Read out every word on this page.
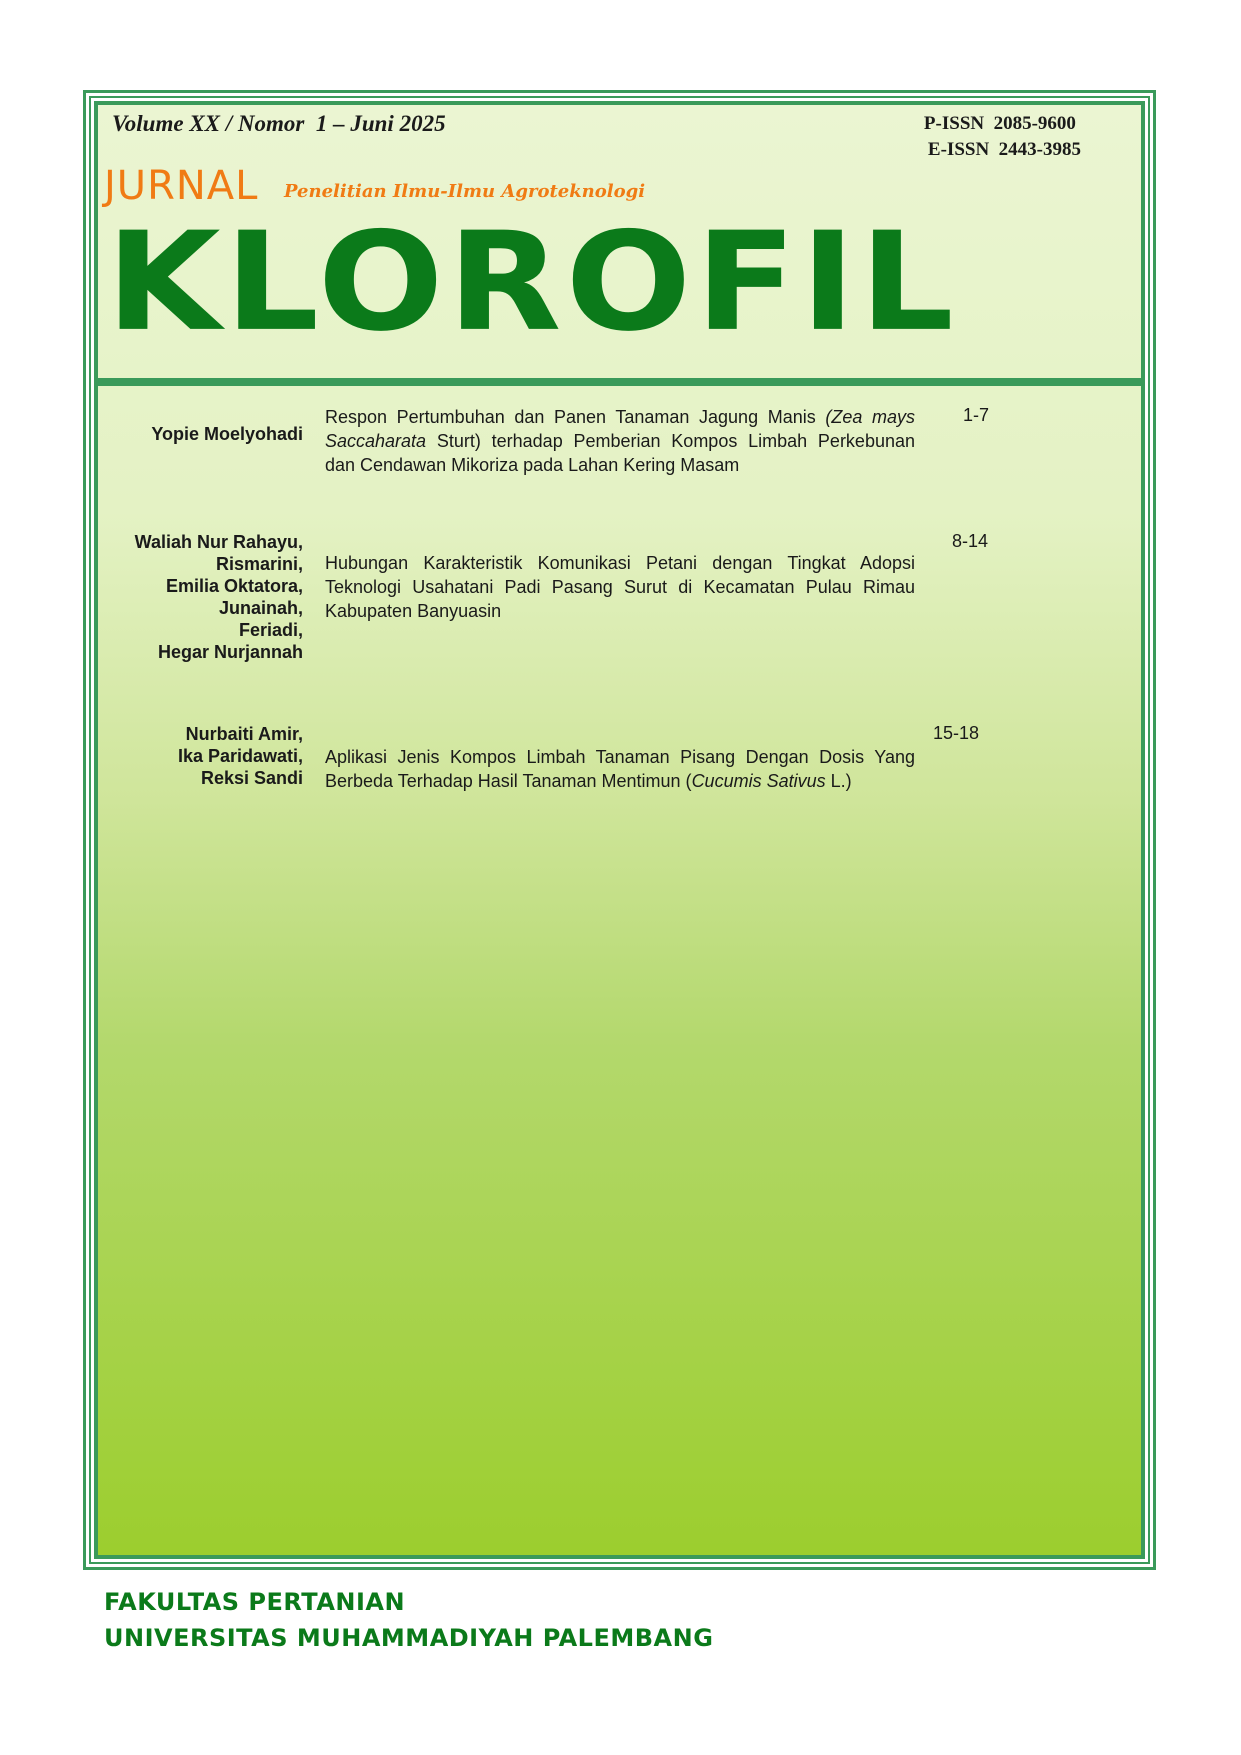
Volume XX / Nomor  1 – Juni 2025	P-ISSN  2085-9600
E-ISSN  2443-3985
JURNAL Penelitian Ilmu-Ilmu Agroteknologi
KLOROFIL
Yopie Moelyohadi
Respon Pertumbuhan dan Panen Tanaman Jagung Manis (Zea mays Saccaharata Sturt) terhadap Pemberian Kompos Limbah Perkebunan dan Cendawan Mikoriza pada Lahan Kering Masam
1-7
Waliah Nur Rahayu,
Rismarini,
Emilia Oktatora,
Junainah,
Feriadi,
Hegar Nurjannah
Hubungan Karakteristik Komunikasi Petani dengan Tingkat Adopsi Teknologi Usahatani Padi Pasang Surut di Kecamatan Pulau Rimau Kabupaten Banyuasin
8-14
Nurbaiti Amir,
Ika Paridawati,
Reksi Sandi
Aplikasi Jenis Kompos Limbah Tanaman Pisang Dengan Dosis Yang Berbeda Terhadap Hasil Tanaman Mentimun (Cucumis Sativus L.)
15-18
FAKULTAS PERTANIAN
UNIVERSITAS MUHAMMADIYAH PALEMBANG
